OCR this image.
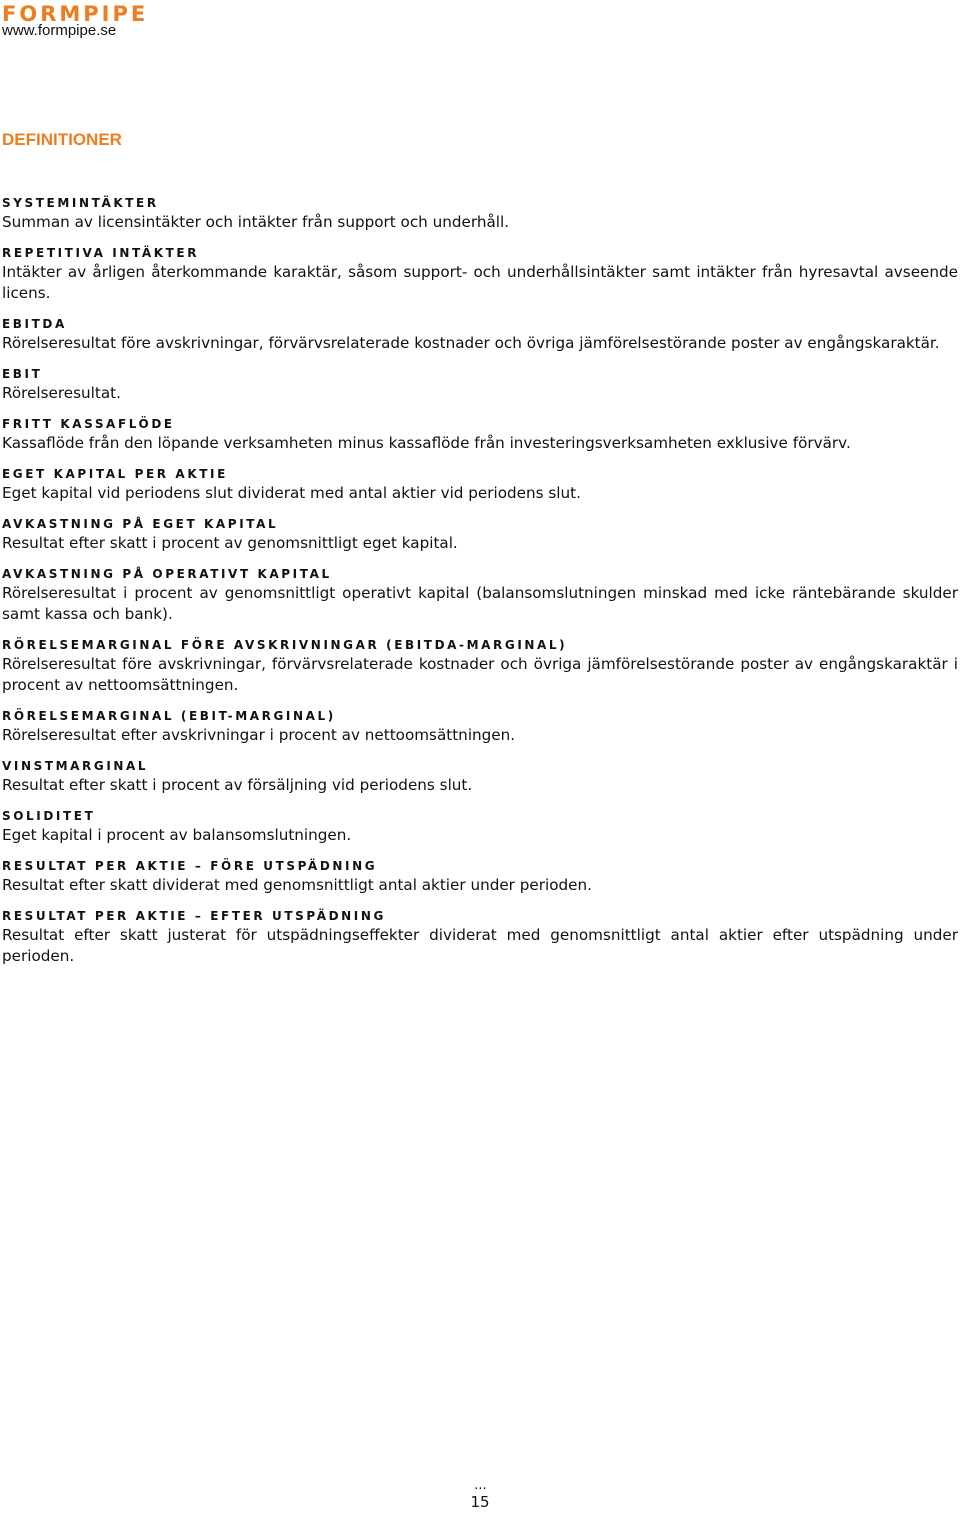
FORMPIPE
www.formpipe.se
DEFINITIONER
SYSTEMINTÄKTER
Summan av licensintäkter och intäkter från support och underhåll.
REPETITIVA INTÄKTER
Intäkter av årligen återkommande karaktär, såsom support- och underhållsintäkter samt intäkter från hyresavtal avseende licens.
EBITDA
Rörelseresultat före avskrivningar, förvärvsrelaterade kostnader och övriga jämförelsestörande poster av engångskaraktär.
EBIT
Rörelseresultat.
FRITT KASSAFLÖDE
Kassaflöde från den löpande verksamheten minus kassaflöde från investeringsverksamheten exklusive förvärv.
EGET KAPITAL PER AKTIE
Eget kapital vid periodens slut dividerat med antal aktier vid periodens slut.
AVKASTNING PÅ EGET KAPITAL
Resultat efter skatt i procent av genomsnittligt eget kapital.
AVKASTNING PÅ OPERATIVT KAPITAL
Rörelseresultat i procent av genomsnittligt operativt kapital (balansomslutningen minskad med icke räntebärande skulder samt kassa och bank).
RÖRELSEMARGINAL FÖRE AVSKRIVNINGAR (EBITDA-MARGINAL)
Rörelseresultat före avskrivningar, förvärvsrelaterade kostnader och övriga jämförelsestörande poster av engångskaraktär i procent av nettoomsättningen.
RÖRELSEMARGINAL (EBIT-MARGINAL)
Rörelseresultat efter avskrivningar i procent av nettoomsättningen.
VINSTMARGINAL
Resultat efter skatt i procent av försäljning vid periodens slut.
SOLIDITET
Eget kapital i procent av balansomslutningen.
RESULTAT PER AKTIE – FÖRE UTSPÄDNING
Resultat efter skatt dividerat med genomsnittligt antal aktier under perioden.
RESULTAT PER AKTIE – EFTER UTSPÄDNING
Resultat efter skatt justerat för utspädningseffekter dividerat med genomsnittligt antal aktier efter utspädning under perioden.
...
15
